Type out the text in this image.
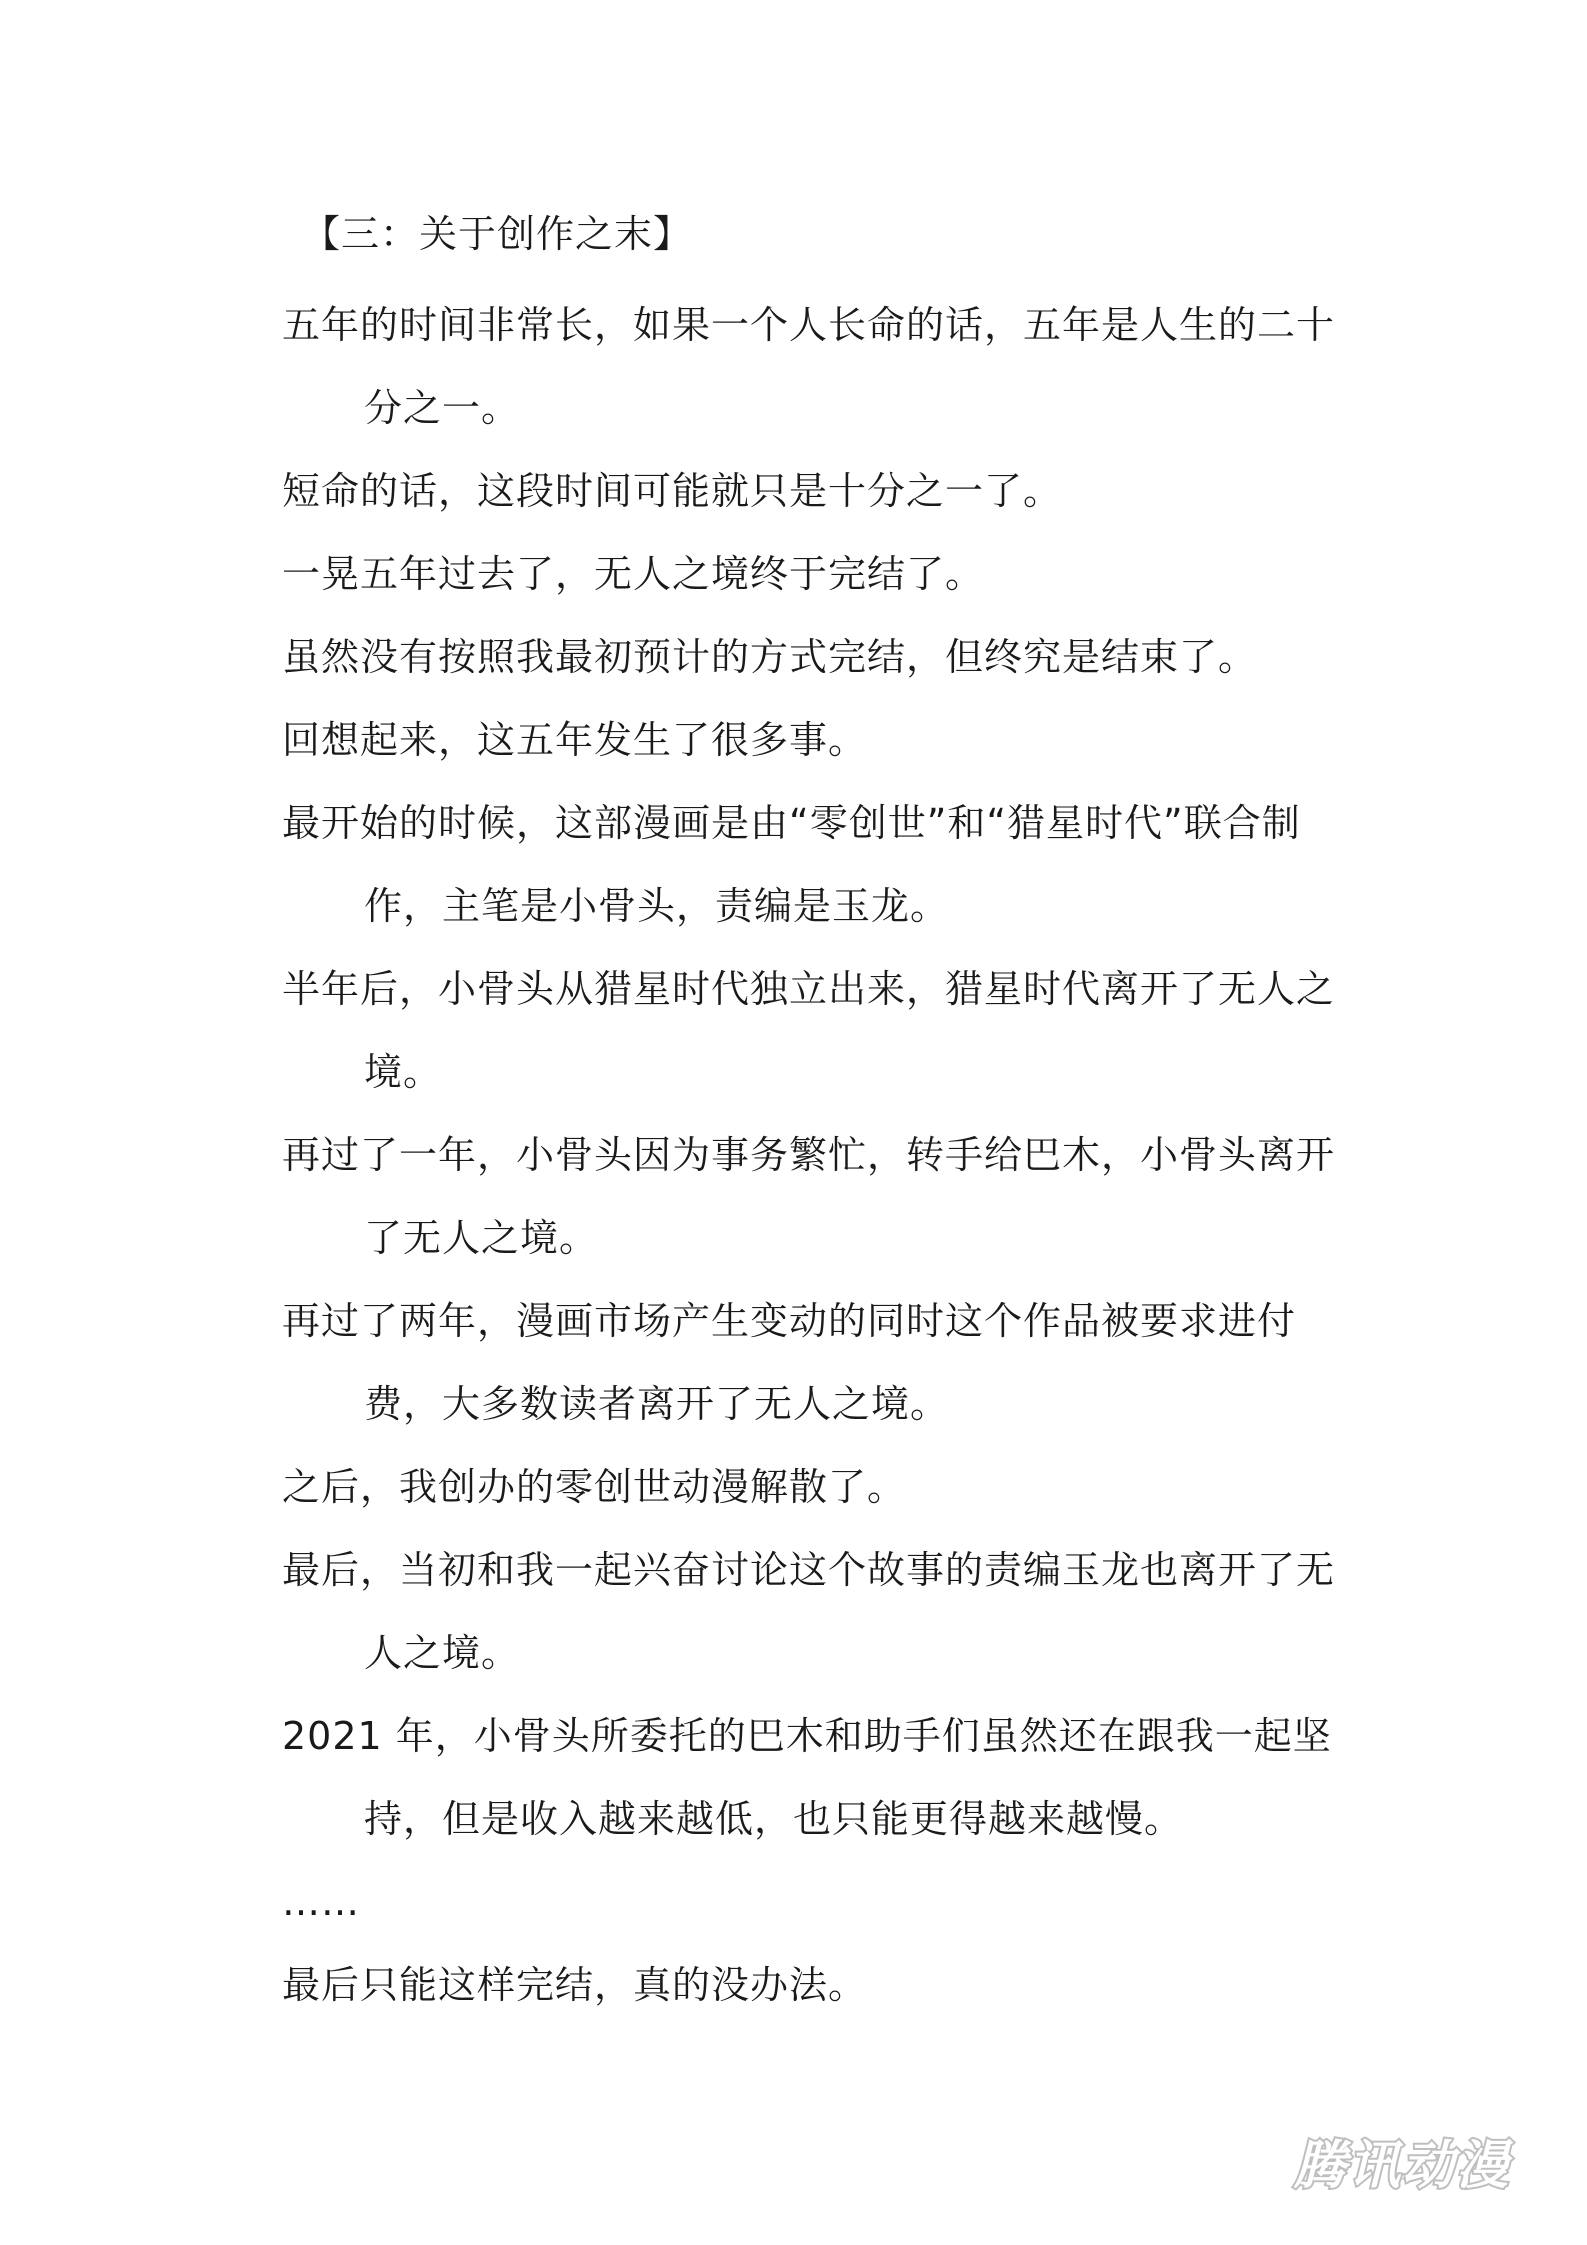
【三：关于创作之末】

五年的时间非常长，如果一个人长命的话，五年是人生的二十分之一。

短命的话，这段时间可能就只是十分之一了。

一晃五年过去了，无人之境终于完结了。

虽然没有按照我最初预计的方式完结，但终究是结束了。

回想起来，这五年发生了很多事。

最开始的时候，这部漫画是由“零创世”和“猎星时代”联合制作，主笔是小骨头，责编是玉龙。

半年后，小骨头从猎星时代独立出来，猎星时代离开了无人之境。

再过了一年，小骨头因为事务繁忙，转手给巴木，小骨头离开了无人之境。

再过了两年，漫画市场产生变动的同时这个作品被要求进付费，大多数读者离开了无人之境。

之后，我创办的零创世动漫解散了。

最后，当初和我一起兴奋讨论这个故事的责编玉龙也离开了无人之境。

2021 年，小骨头所委托的巴木和助手们虽然还在跟我一起坚持，但是收入越来越低，也只能更得越来越慢。

……

最后只能这样完结，真的没办法。

腾讯动漫
